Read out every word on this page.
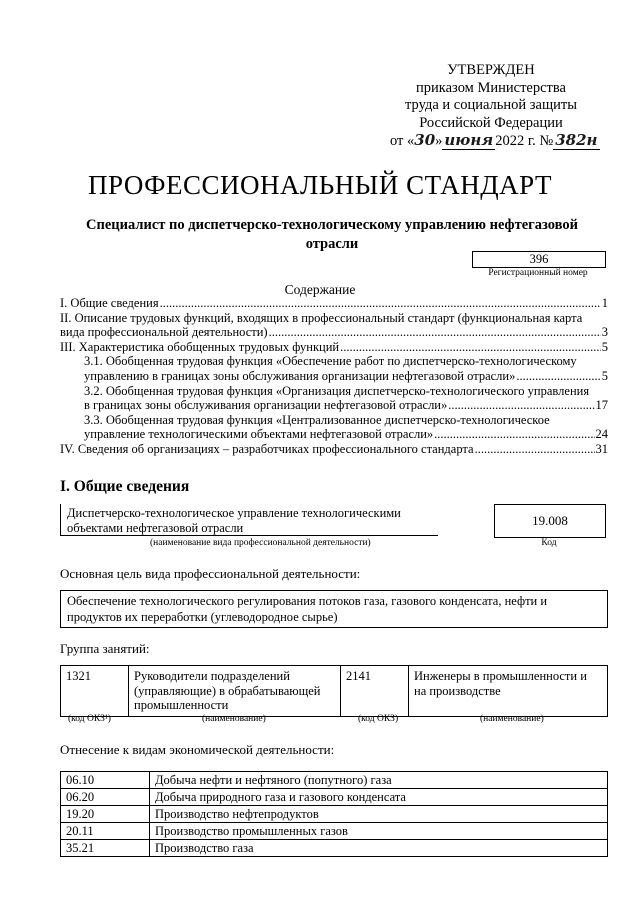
УТВЕРЖДЕН
приказом Министерства
труда и социальной защиты
Российской Федерации
от «30» июня 2022 г. № 382н
ПРОФЕССИОНАЛЬНЫЙ СТАНДАРТ
Специалист по диспетчерско-технологическому управлению нефтегазовой отрасли
396
Регистрационный номер
Содержание
I. Общие сведения .....	1
II. Описание трудовых функций, входящих в профессиональный стандарт (функциональная карта
вида профессиональной деятельности) .....	3
III. Характеристика обобщенных трудовых функций .....	5
3.1. Обобщенная трудовая функция «Обеспечение работ по диспетчерско-технологическому
управлению в границах зоны обслуживания организации нефтегазовой отрасли» .....	5
3.2. Обобщенная трудовая функция «Организация диспетчерско-технологического управления
в границах зоны обслуживания организации нефтегазовой отрасли» .....	17
3.3. Обобщенная трудовая функция «Централизованное диспетчерско-технологическое
управление технологическими объектами нефтегазовой отрасли» .....	24
IV. Сведения об организациях – разработчиках профессионального стандарта .....	31
I. Общие сведения
Диспетчерско-технологическое управление технологическими объектами нефтегазовой отрасли
(наименование вида профессиональной деятельности)
19.008
Код
Основная цель вида профессиональной деятельности:
Обеспечение технологического регулирования потоков газа, газового конденсата, нефти и продуктов их переработки (углеводородное сырье)
Группа занятий:
1321	Руководители подразделений (управляющие) в обрабатывающей промышленности	2141	Инженеры в промышленности и на производстве
(код ОКЗ¹)	(наименование)	(код ОКЗ)	(наименование)
Отнесение к видам экономической деятельности:
06.10	Добыча нефти и нефтяного (попутного) газа
06.20	Добыча природного газа и газового конденсата
19.20	Производство нефтепродуктов
20.11	Производство промышленных газов
35.21	Производство газа
